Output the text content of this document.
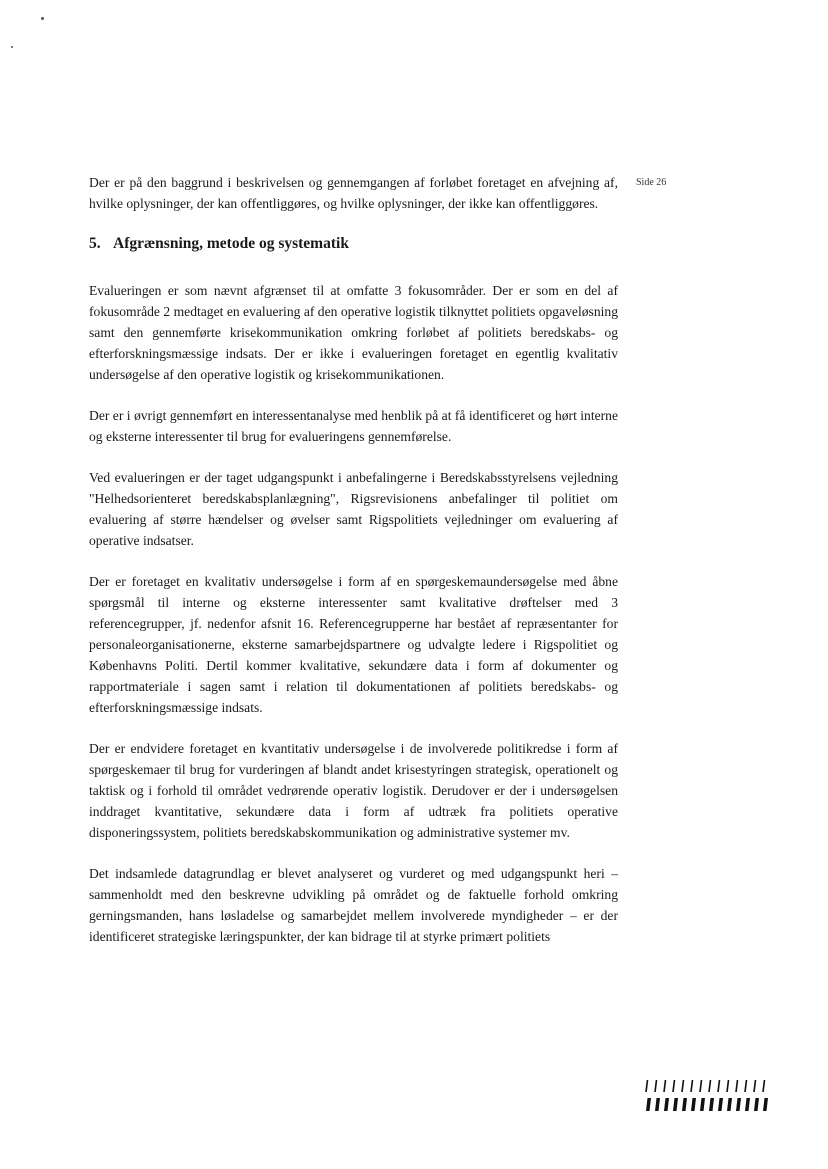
Side 26

Der er på den baggrund i beskrivelsen og gennemgangen af forløbet foretaget en afvejning af, hvilke oplysninger, der kan offentliggøres, og hvilke oplysninger, der ikke kan offentliggøres.

5. Afgrænsning, metode og systematik

Evalueringen er som nævnt afgrænset til at omfatte 3 fokusområder. Der er som en del af fokusområde 2 medtaget en evaluering af den operative logistik tilknyttet politiets opgaveløsning samt den gennemførte krisekommunikation omkring forløbet af politiets beredskabs- og efterforskningsmæssige indsats. Der er ikke i evalueringen foretaget en egentlig kvalitativ undersøgelse af den operative logistik og krisekommunikationen.

Der er i øvrigt gennemført en interessentanalyse med henblik på at få identificeret og hørt interne og eksterne interessenter til brug for evalueringens gennemførelse.

Ved evalueringen er der taget udgangspunkt i anbefalingerne i Beredskabsstyrelsens vejledning "Helhedsorienteret beredskabsplanlægning", Rigsrevisionens anbefalinger til politiet om evaluering af større hændelser og øvelser samt Rigspolitiets vejledninger om evaluering af operative indsatser.

Der er foretaget en kvalitativ undersøgelse i form af en spørgeskemaundersøgelse med åbne spørgsmål til interne og eksterne interessenter samt kvalitative drøftelser med 3 referencegrupper, jf. nedenfor afsnit 16. Referencegrupperne har bestået af repræsentanter for personaleorganisationerne, eksterne samarbejdspartnere og udvalgte ledere i Rigspolitiet og Københavns Politi. Dertil kommer kvalitative, sekundære data i form af dokumenter og rapportmateriale i sagen samt i relation til dokumentationen af politiets beredskabs- og efterforskningsmæssige indsats.

Der er endvidere foretaget en kvantitativ undersøgelse i de involverede politikredse i form af spørgeskemaer til brug for vurderingen af blandt andet krisestyringen strategisk, operationelt og taktisk og i forhold til området vedrørende operativ logistik. Derudover er der i undersøgelsen inddraget kvantitative, sekundære data i form af udtræk fra politiets operative disponeringssystem, politiets beredskabskommunikation og administrative systemer mv.

Det indsamlede datagrundlag er blevet analyseret og vurderet og med udgangspunkt heri – sammenholdt med den beskrevne udvikling på området og de faktuelle forhold omkring gerningsmanden, hans løsladelse og samarbejdet mellem involverede myndigheder – er der identificeret strategiske læringspunkter, der kan bidrage til at styrke primært politiets
